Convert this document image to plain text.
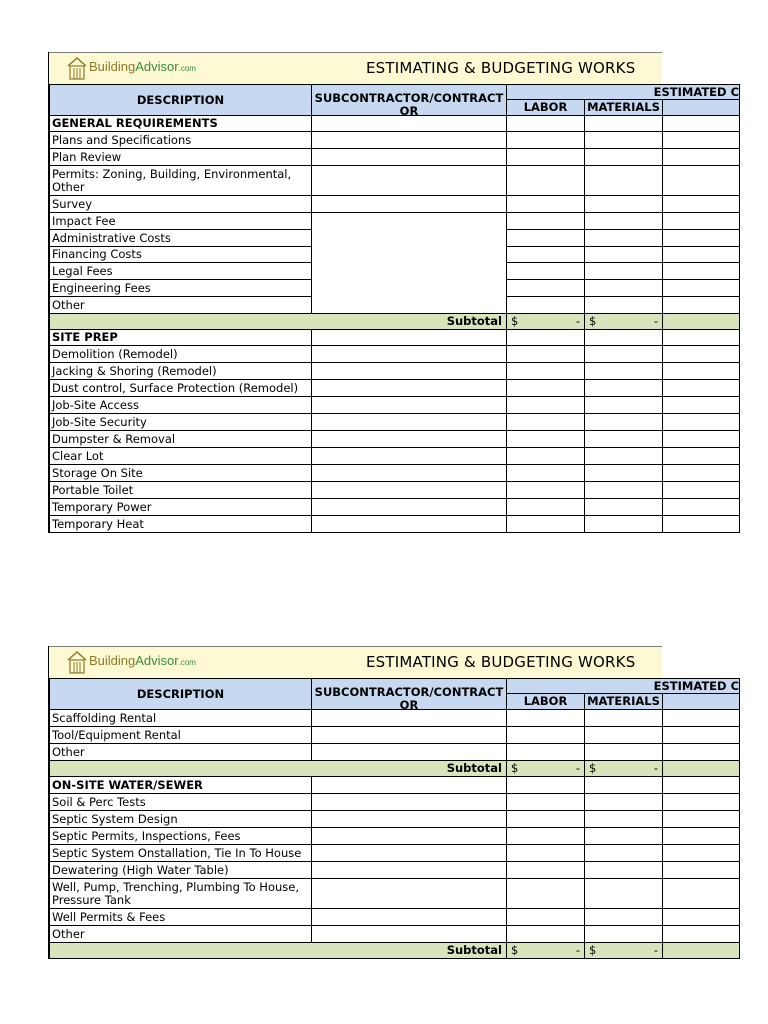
BuildingAdvisor.com	ESTIMATING & BUDGETING WORKS
DESCRIPTION	SUBCONTRACTOR/CONTRACT OR	ESTIMATED C		
		LABOR	MATERIALS	
GENERAL REQUIREMENTS				
Plans and Specifications				
Plan Review				
Permits: Zoning, Building, Environmental, Other				
Survey				
Impact Fee				
Administrative Costs				
Financing Costs				
Legal Fees				
Engineering Fees				
Other				
Subtotal		$ -	$ -	

SITE PREP				
Demolition (Remodel)				
Jacking & Shoring (Remodel)				
Dust control, Surface Protection (Remodel)				
Job-Site Access				
Job-Site Security				
Dumpster & Removal				
Clear Lot				
Storage On Site				
Portable Toilet				
Temporary Power				
Temporary Heat				
BuildingAdvisor.com	ESTIMATING & BUDGETING WORKS
DESCRIPTION	SUBCONTRACTOR/CONTRACT OR	ESTIMATED C		
		LABOR	MATERIALS	
Scaffolding Rental				
Tool/Equipment Rental				
Other				
Subtotal		$ -	$ -	

ON-SITE WATER/SEWER				
Soil & Perc Tests				
Septic System Design				
Septic Permits, Inspections, Fees				
Septic System Onstallation, Tie In To House				
Dewatering (High Water Table)				
Well, Pump, Trenching, Plumbing To House, Pressure Tank				
Well Permits & Fees				
Other				
Subtotal		$ -	$ -	
